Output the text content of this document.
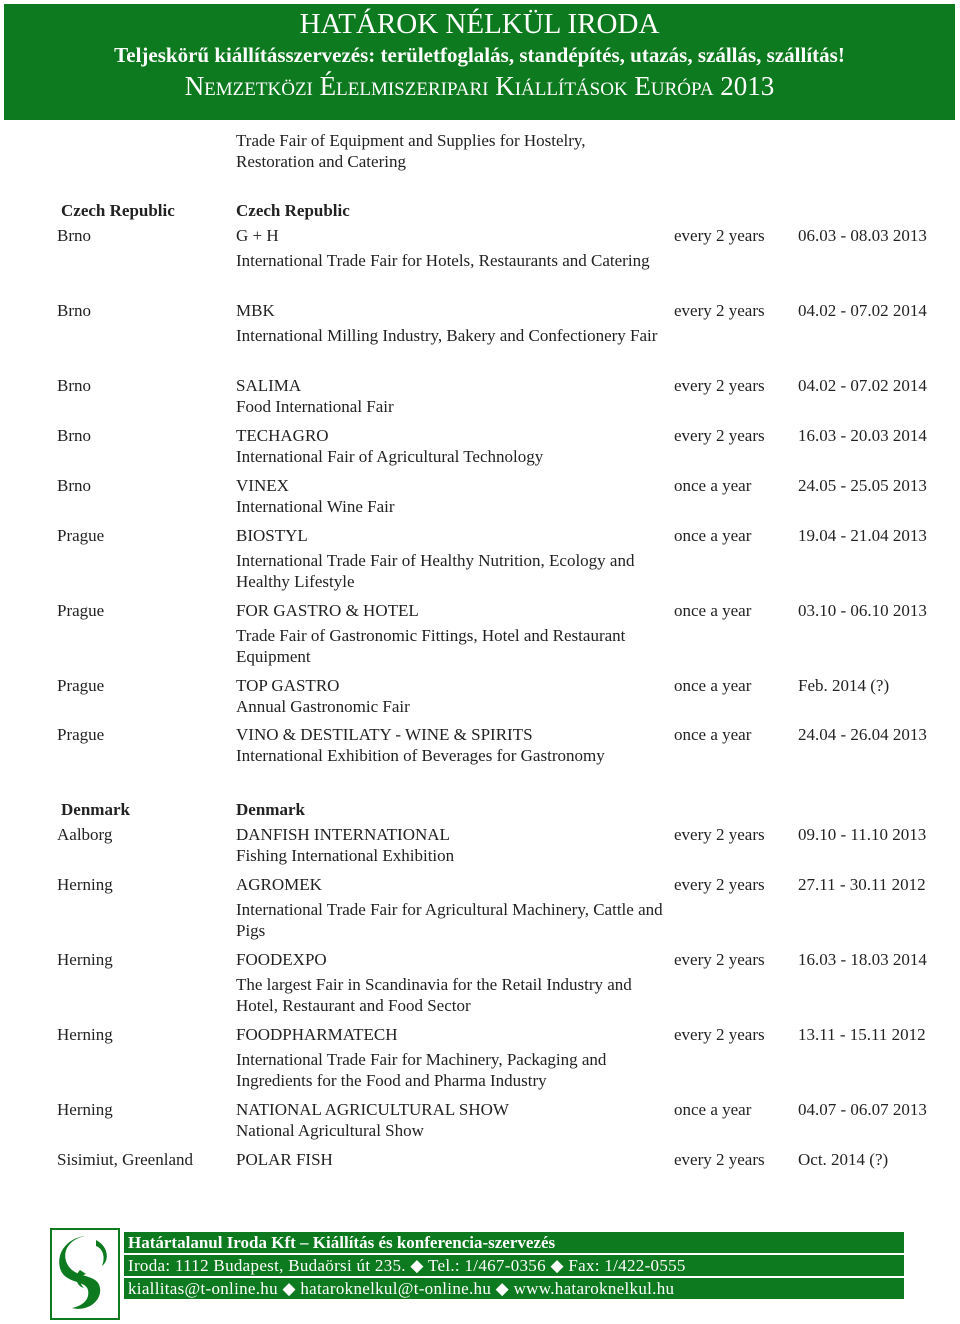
HATÁROK NÉLKÜL IRODA
Teljeskörű kiállításszervezés: területfoglalás, standépítés, utazás, szállás, szállítás!
Nemzetközi Élelmiszeripari Kiállítások Európa 2013
Trade Fair of Equipment and Supplies for Hostelry, Restoration and Catering
Czech Republic	Czech Republic
Brno	G + H	every 2 years 06.03 - 08.03 2013
International Trade Fair for Hotels, Restaurants and Catering
Brno	MBK	every 2 years 04.02 - 07.02 2014
International Milling Industry, Bakery and Confectionery Fair
Brno	SALIMA	every 2 years 04.02 - 07.02 2014
Food International Fair
Brno	TECHAGRO	every 2 years 16.03 - 20.03 2014
International Fair of Agricultural Technology
Brno	VINEX	once a year	24.05 - 25.05 2013
International Wine Fair
Prague	BIOSTYL	once a year	19.04 - 21.04 2013
International Trade Fair of Healthy Nutrition, Ecology and Healthy Lifestyle
Prague	FOR GASTRO & HOTEL	once a year	03.10 - 06.10 2013
Trade Fair of Gastronomic Fittings, Hotel and Restaurant Equipment
Prague	TOP GASTRO	once a year	Feb. 2014 (?)
Annual Gastronomic Fair
Prague	VINO & DESTILATY - WINE & SPIRITS	once a year	24.04 - 26.04 2013
International Exhibition of Beverages for Gastronomy
Denmark	Denmark
Aalborg	DANFISH INTERNATIONAL	every 2 years 09.10 - 11.10 2013
Fishing International Exhibition
Herning	AGROMEK	every 2 years 27.11 - 30.11 2012
International Trade Fair for Agricultural Machinery, Cattle and Pigs
Herning	FOODEXPO	every 2 years 16.03 - 18.03 2014
The largest Fair in Scandinavia for the Retail Industry and Hotel, Restaurant and Food Sector
Herning	FOODPHARMATECH	every 2 years 13.11 - 15.11 2012
International Trade Fair for Machinery, Packaging and Ingredients for the Food and Pharma Industry
Herning	NATIONAL AGRICULTURAL SHOW	once a year	04.07 - 06.07 2013
National Agricultural Show
Sisimiut, Greenland	POLAR FISH	every 2 years Oct. 2014 (?)
Határtalanul Iroda Kft – Kiállítás és konferencia-szervezés
Iroda: 1112 Budapest, Budaörsi út 235. ◆ Tel.: 1/467-0356 ◆ Fax: 1/422-0555
kiallitas@t-online.hu ◆ hataroknelkul@t-online.hu ◆ www.hataroknelkul.hu
